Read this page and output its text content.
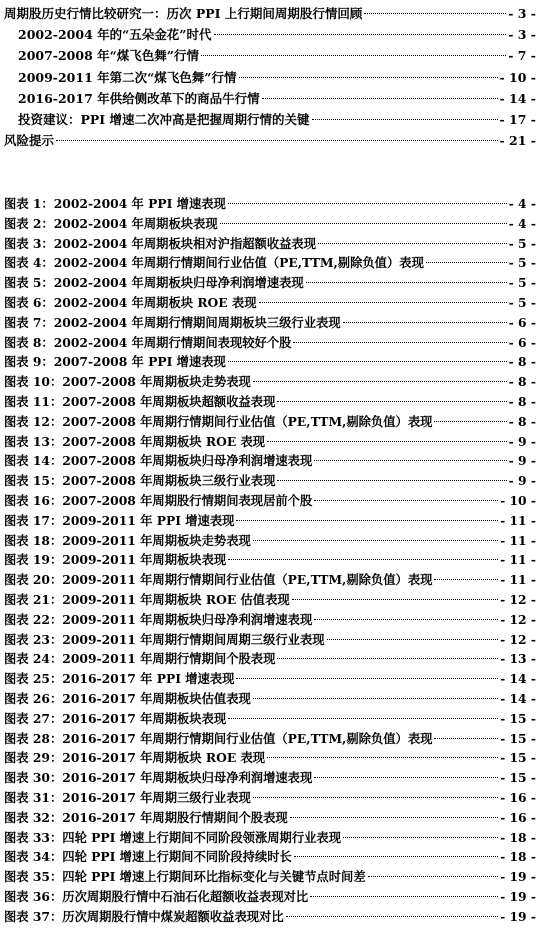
周期股历史行情比较研究一：历次 PPI 上行期间周期股行情回顾	- 3 -
2002-2004 年的“五朵金花”时代	- 3 -
2007-2008 年“煤飞色舞”行情	- 7 -
2009-2011 年第二次“煤飞色舞”行情	- 10 -
2016-2017 年供给侧改革下的商品牛行情	- 14 -
投资建议：PPI 增速二次冲高是把握周期行情的关键	- 17 -
风险提示	- 21 -
图表 1：2002-2004 年 PPI 增速表现	- 4 -
图表 2：2002-2004 年周期板块表现	- 4 -
图表 3：2002-2004 年周期板块相对沪指超额收益表现	- 5 -
图表 4：2002-2004 年周期行情期间行业估值（PE,TTM,剔除负值）表现	- 5 -
图表 5：2002-2004 年周期板块归母净利润增速表现	- 5 -
图表 6：2002-2004 年周期板块 ROE 表现	- 5 -
图表 7：2002-2004 年周期行情期间周期板块三级行业表现	- 6 -
图表 8：2002-2004 年周期行情期间表现较好个股	- 6 -
图表 9：2007-2008 年 PPI 增速表现	- 8 -
图表 10：2007-2008 年周期板块走势表现	- 8 -
图表 11：2007-2008 年周期板块超额收益表现	- 8 -
图表 12：2007-2008 年周期行情期间行业估值（PE,TTM,剔除负值）表现	- 8 -
图表 13：2007-2008 年周期板块 ROE 表现	- 9 -
图表 14：2007-2008 年周期板块归母净利润增速表现	- 9 -
图表 15：2007-2008 年周期板块三级行业表现	- 9 -
图表 16：2007-2008 年周期股行情期间表现居前个股	- 10 -
图表 17：2009-2011 年 PPI 增速表现	- 11 -
图表 18：2009-2011 年周期板块走势表现	- 11 -
图表 19：2009-2011 年周期板块表现	- 11 -
图表 20：2009-2011 年周期行情期间行业估值（PE,TTM,剔除负值）表现	- 11 -
图表 21：2009-2011 年周期板块 ROE 估值表现	- 12 -
图表 22：2009-2011 年周期板块归母净利润增速表现	- 12 -
图表 23：2009-2011 年周期行情期间周期三级行业表现	- 12 -
图表 24：2009-2011 年周期行情期间个股表现	- 13 -
图表 25：2016-2017 年 PPI 增速表现	- 14 -
图表 26：2016-2017 年周期板块估值表现	- 14 -
图表 27：2016-2017 年周期板块表现	- 15 -
图表 28：2016-2017 年周期行情期间行业估值（PE,TTM,剔除负值）表现	- 15 -
图表 29：2016-2017 年周期板块 ROE 表现	- 15 -
图表 30：2016-2017 年周期板块归母净利润增速表现	- 15 -
图表 31：2016-2017 年周期三级行业表现	- 16 -
图表 32：2016-2017 年周期股行情期间个股表现	- 16 -
图表 33：四轮 PPI 增速上行期间不同阶段领涨周期行业表现	- 18 -
图表 34：四轮 PPI 增速上行期间不同阶段持续时长	- 18 -
图表 35：四轮 PPI 增速上行期间环比指标变化与关键节点时间差	- 19 -
图表 36：历次周期股行情中石油石化超额收益表现对比	- 19 -
图表 37：历次周期股行情中煤炭超额收益表现对比	- 19 -
